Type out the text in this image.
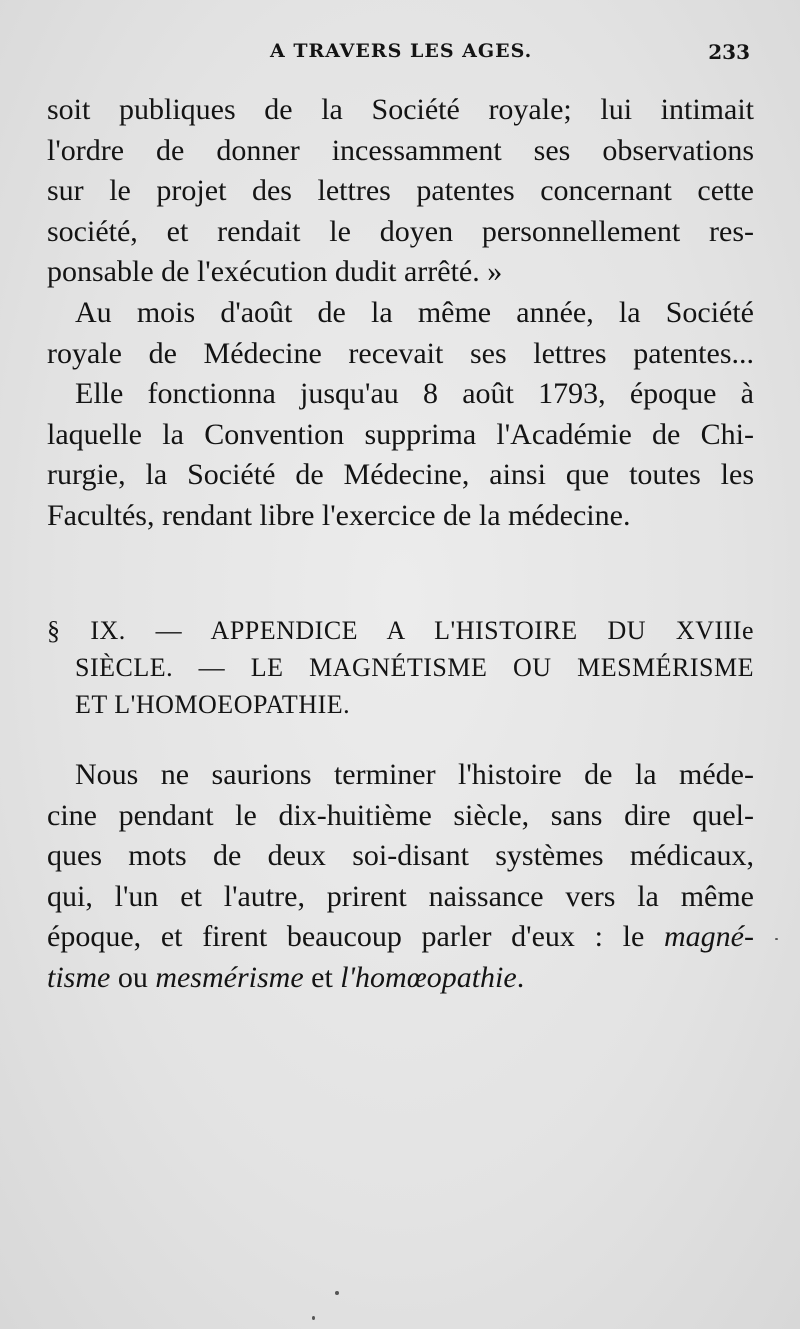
A TRAVERS LES AGES.	233
soit publiques de la Société royale; lui intimait
l'ordre de donner incessamment ses observations
sur le projet des lettres patentes concernant cette
société, et rendait le doyen personnellement res-
ponsable de l'exécution dudit arrêté. »
Au mois d'août de la même année, la Société
royale de Médecine recevait ses lettres patentes...
Elle fonctionna jusqu'au 8 août 1793, époque à
laquelle la Convention supprima l'Académie de Chi-
rurgie, la Société de Médecine, ainsi que toutes les
Facultés, rendant libre l'exercice de la médecine.
§ IX. — APPENDICE A L'HISTOIRE DU XVIIIe
SIÈCLE. — LE MAGNÉTISME OU MESMÉRISME
ET L'HOMOEOPATHIE.
Nous ne saurions terminer l'histoire de la méde-
cine pendant le dix-huitième siècle, sans dire quel-
ques mots de deux soi-disant systèmes médicaux,
qui, l'un et l'autre, prirent naissance vers la même
époque, et firent beaucoup parler d'eux : le magné-
tisme ou mesmérisme et l'homœopathie.
